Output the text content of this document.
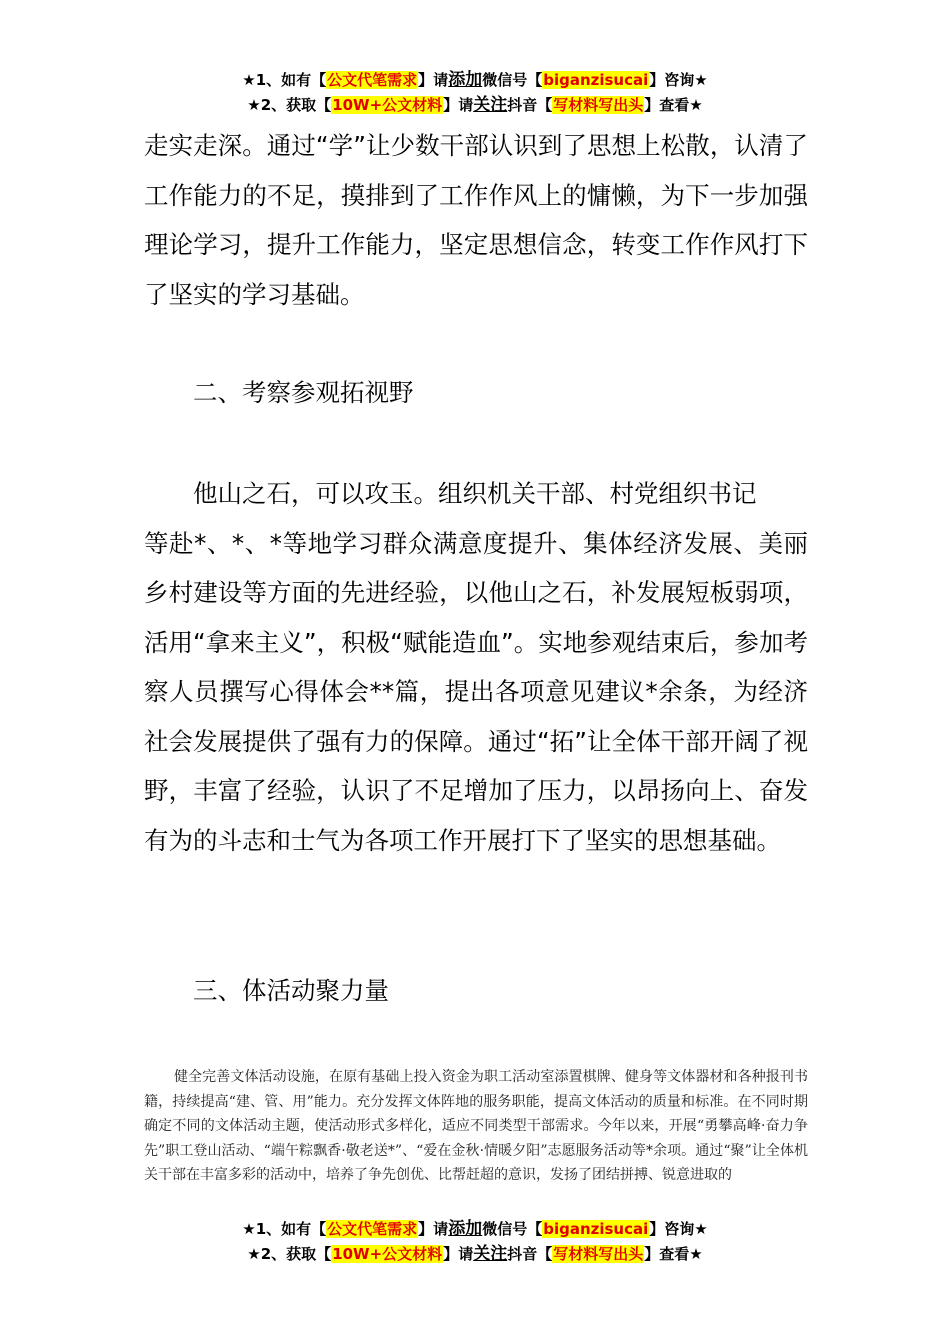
★1、如有【公文代笔需求】请添加微信号【biganzisucai】咨询★
★2、获取【10W+公文材料】请关注抖音【写材料写出头】查看★

走实走深。通过“学”让少数干部认识到了思想上松散，认清了工作能力的不足，摸排到了工作作风上的慵懒，为下一步加强理论学习，提升工作能力，坚定思想信念，转变工作作风打下了坚实的学习基础。

二、考察参观拓视野

他山之石，可以攻玉。组织机关干部、村党组织书记
等赴*、*、*等地学习群众满意度提升、集体经济发展、美丽乡村建设等方面的先进经验，以他山之石，补发展短板弱项，活用“拿来主义”，积极“赋能造血”。实地参观结束后，参加考察人员撰写心得体会**篇，提出各项意见建议*余条，为经济社会发展提供了强有力的保障。通过“拓”让全体干部开阔了视野，丰富了经验，认识了不足增加了压力，以昂扬向上、奋发有为的斗志和士气为各项工作开展打下了坚实的思想基础。

三、体活动聚力量

健全完善文体活动设施，在原有基础上投入资金为职工活动室添置棋牌、健身等文体器材和各种报刊书籍，持续提高“建、管、用”能力。充分发挥文体阵地的服务职能，提高文体活动的质量和标准。在不同时期确定不同的文体活动主题，使活动形式多样化，适应不同类型干部需求。今年以来，开展“勇攀高峰·奋力争先”职工登山活动、“端午粽飘香·敬老送*”、“爱在金秋·情暖夕阳”志愿服务活动等*余项。通过“聚”让全体机关干部在丰富多彩的活动中，培养了争先创优、比帮赶超的意识，发扬了团结拼搏、锐意进取的

★1、如有【公文代笔需求】请添加微信号【biganzisucai】咨询★
★2、获取【10W+公文材料】请关注抖音【写材料写出头】查看★
